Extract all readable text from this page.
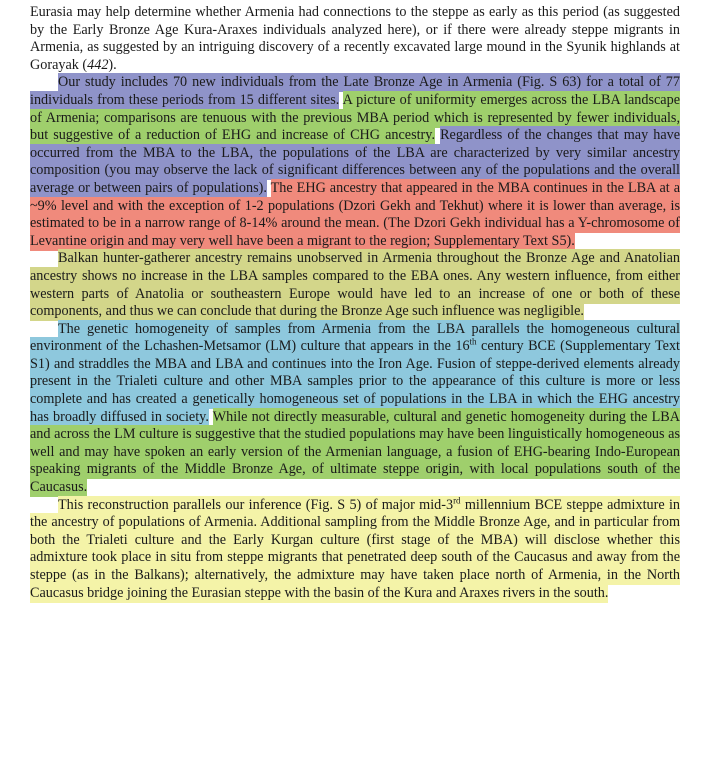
Eurasia may help determine whether Armenia had connections to the steppe as early as this period (as suggested by the Early Bronze Age Kura-Araxes individuals analyzed here), or if there were already steppe migrants in Armenia, as suggested by an intriguing discovery of a recently excavated large mound in the Syunik highlands at Gorayak (442).

Our study includes 70 new individuals from the Late Bronze Age in Armenia (Fig. S 63) for a total of 77 individuals from these periods from 15 different sites. A picture of uniformity emerges across the LBA landscape of Armenia; comparisons are tenuous with the previous MBA period which is represented by fewer individuals, but suggestive of a reduction of EHG and increase of CHG ancestry. Regardless of the changes that may have occurred from the MBA to the LBA, the populations of the LBA are characterized by very similar ancestry composition (you may observe the lack of significant differences between any of the populations and the overall average or between pairs of populations). The EHG ancestry that appeared in the MBA continues in the LBA at a ~9% level and with the exception of 1-2 populations (Dzori Gekh and Tekhut) where it is lower than average, is estimated to be in a narrow range of 8-14% around the mean. (The Dzori Gekh individual has a Y-chromosome of Levantine origin and may very well have been a migrant to the region; Supplementary Text S5).

Balkan hunter-gatherer ancestry remains unobserved in Armenia throughout the Bronze Age and Anatolian ancestry shows no increase in the LBA samples compared to the EBA ones. Any western influence, from either western parts of Anatolia or southeastern Europe would have led to an increase of one or both of these components, and thus we can conclude that during the Bronze Age such influence was negligible.

The genetic homogeneity of samples from Armenia from the LBA parallels the homogeneous cultural environment of the Lchashen-Metsamor (LM) culture that appears in the 16th century BCE (Supplementary Text S1) and straddles the MBA and LBA and continues into the Iron Age. Fusion of steppe-derived elements already present in the Trialeti culture and other MBA samples prior to the appearance of this culture is more or less complete and has created a genetically homogeneous set of populations in the LBA in which the EHG ancestry has broadly diffused in society. While not directly measurable, cultural and genetic homogeneity during the LBA and across the LM culture is suggestive that the studied populations may have been linguistically homogeneous as well and may have spoken an early version of the Armenian language, a fusion of EHG-bearing Indo-European speaking migrants of the Middle Bronze Age, of ultimate steppe origin, with local populations south of the Caucasus.

This reconstruction parallels our inference (Fig. S 5) of major mid-3rd millennium BCE steppe admixture in the ancestry of populations of Armenia. Additional sampling from the Middle Bronze Age, and in particular from both the Trialeti culture and the Early Kurgan culture (first stage of the MBA) will disclose whether this admixture took place in situ from steppe migrants that penetrated deep south of the Caucasus and away from the steppe (as in the Balkans); alternatively, the admixture may have taken place north of Armenia, in the North Caucasus bridge joining the Eurasian steppe with the basin of the Kura and Araxes rivers in the south.
